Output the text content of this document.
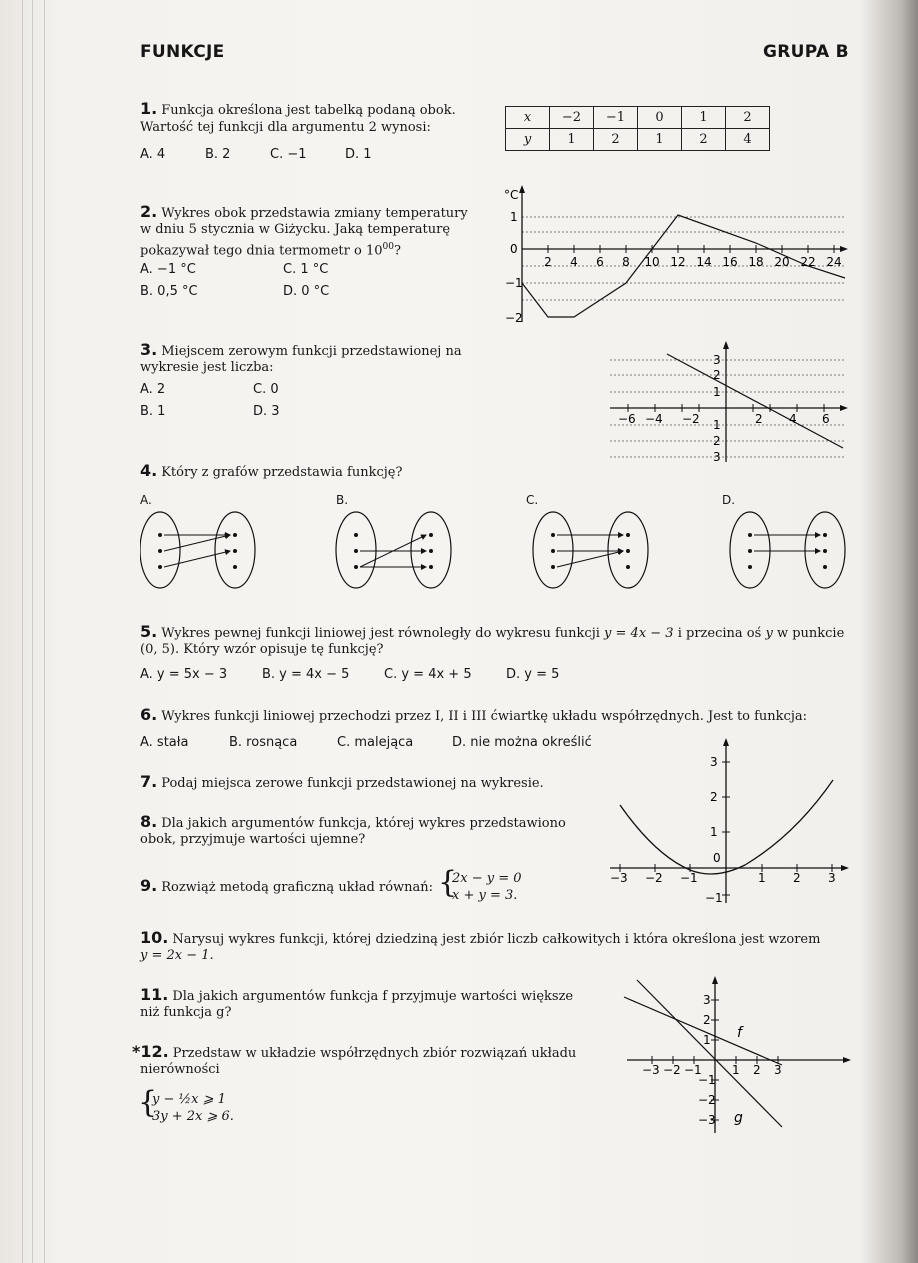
FUNKCJE	GRUPA B
1. Funkcja określona jest tabelką podaną obok.
Wartość tej funkcji dla argumentu 2 wynosi:
A. 4	B. 2	C. −1	D. 1
x	−2	−1	0	1	2
y	1	2	1	2	4
2. Wykres obok przedstawia zmiany temperatury
w dniu 5 stycznia w Giżycku. Jaką temperaturę
pokazywał tego dnia termometr o $10^{00}$?
A. −1 °C	C. 1 °C
B. 0,5 °C	D. 0 °C
°C
1
0
−1
−2
2 4 6 8 10 12 14 16 18 20 22 24
3. Miejscem zerowym funkcji przedstawionej na
wykresie jest liczba:
A. 2	C. 0
B. 1	D. 3
3
2
1
1
2
3
−6 −4 −2	2 4 6
4. Który z grafów przedstawia funkcję?
A.	B.	C.	D.
5. Wykres pewnej funkcji liniowej jest równoległy do wykresu funkcji y = 4x − 3 i przecina oś y w punkcie
(0, 5). Który wzór opisuje tę funkcję?
A. y = 5x − 3	B. y = 4x − 5	C. y = 4x + 5	D. y = 5
6. Wykres funkcji liniowej przechodzi przez I, II i III ćwiartkę układu współrzędnych. Jest to funkcja:
A. stała	B. rosnąca	C. malejąca	D. nie można określić
7. Podaj miejsca zerowe funkcji przedstawionej na wykresie.
8. Dla jakich argumentów funkcja, której wykres przedstawiono
obok, przyjmuje wartości ujemne?
9. Rozwiąż metodą graficzną układ równań: {
2x − y = 0
x + y = 3.
3
2
1
0
−1
−3 −2 −1	1 2 3
10. Narysuj wykres funkcji, której dziedziną jest zbiór liczb całkowitych i która określona jest wzorem
y = 2x − 1.
11. Dla jakich argumentów funkcja f przyjmuje wartości większe
niż funkcja g?
3
2
1
−1
−2
−3
−3 −2 −1	1 2 3
f
g
*12. Przedstaw w układzie współrzędnych zbiór rozwiązań układu
nierówności
{
y − ½x ⩾ 1
3y + 2x ⩾ 6.
